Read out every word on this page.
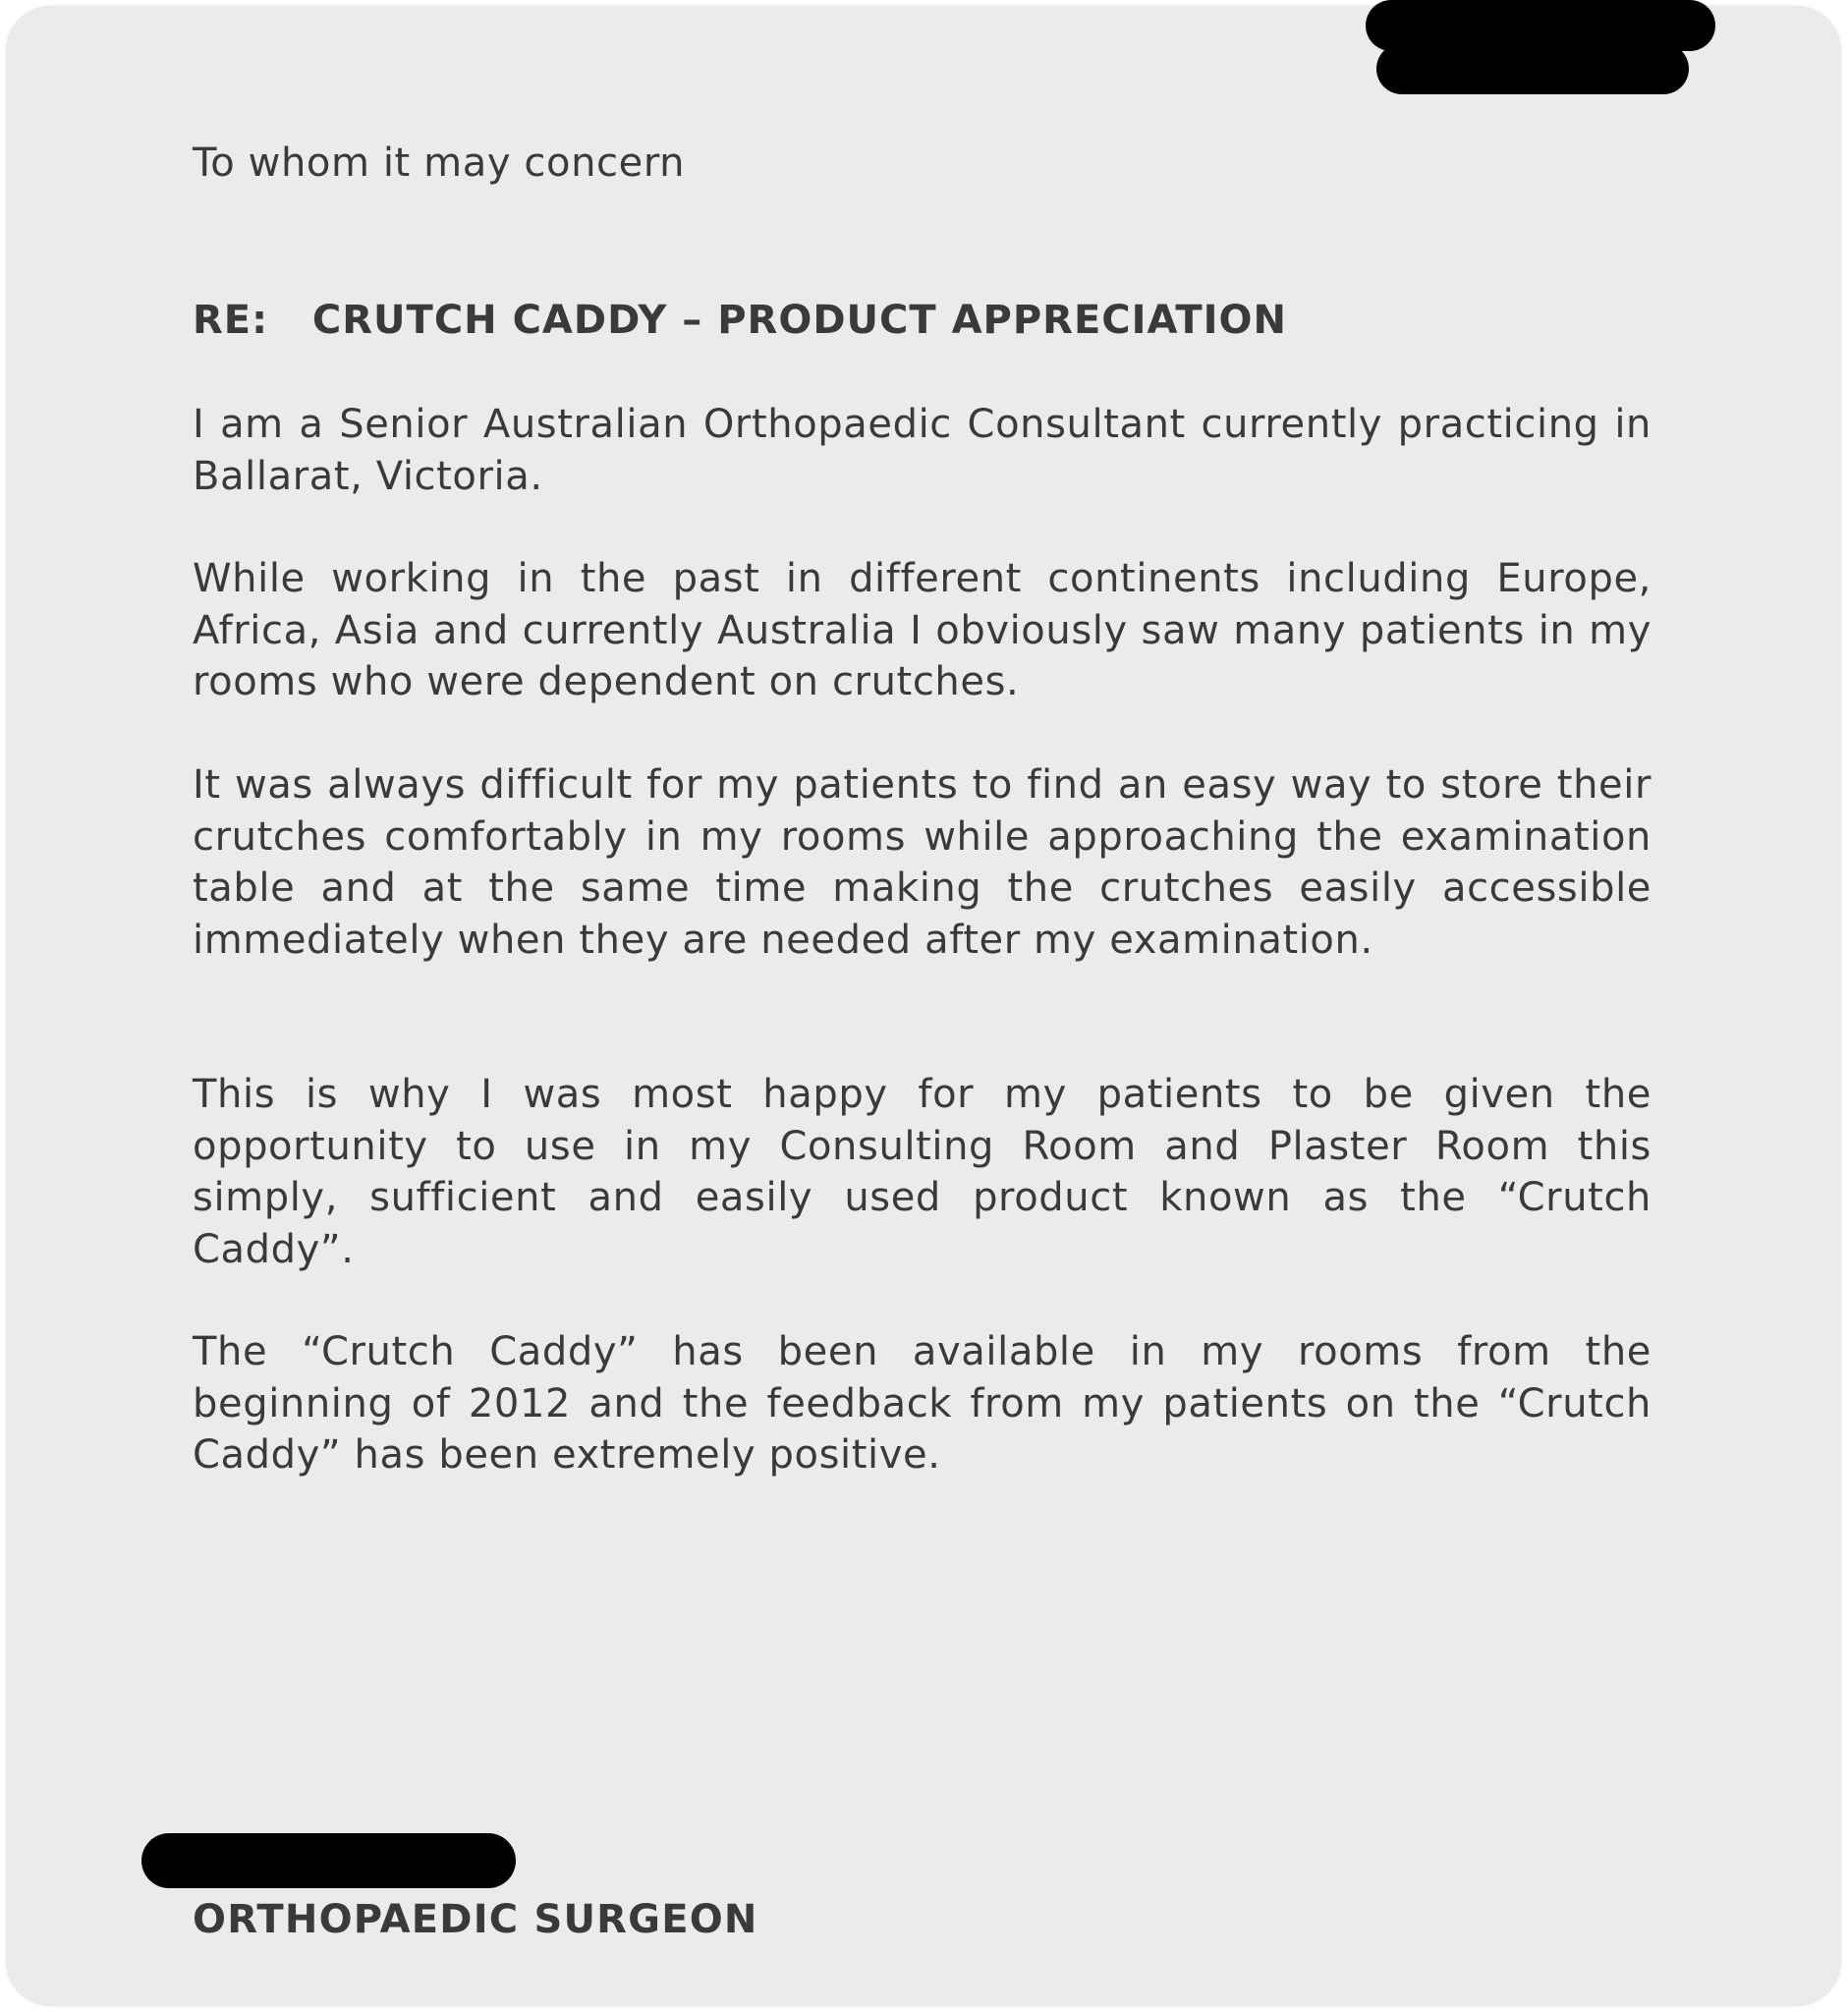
To whom it may concern

RE:   CRUTCH CADDY – PRODUCT APPRECIATION

I am a Senior Australian Orthopaedic Consultant currently practicing in Ballarat, Victoria.

While working in the past in different continents including Europe, Africa, Asia and currently Australia I obviously saw many patients in my rooms who were dependent on crutches.

It was always difficult for my patients to find an easy way to store their crutches comfortably in my rooms while approaching the examination table and at the same time making the crutches easily accessible immediately when they are needed after my examination.

This is why I was most happy for my patients to be given the opportunity to use in my Consulting Room and Plaster Room this simply, sufficient and easily used product known as the “Crutch Caddy”.

The “Crutch Caddy” has been available in my rooms from the beginning of 2012 and the feedback from my patients on the “Crutch Caddy” has been extremely positive.

ORTHOPAEDIC SURGEON
